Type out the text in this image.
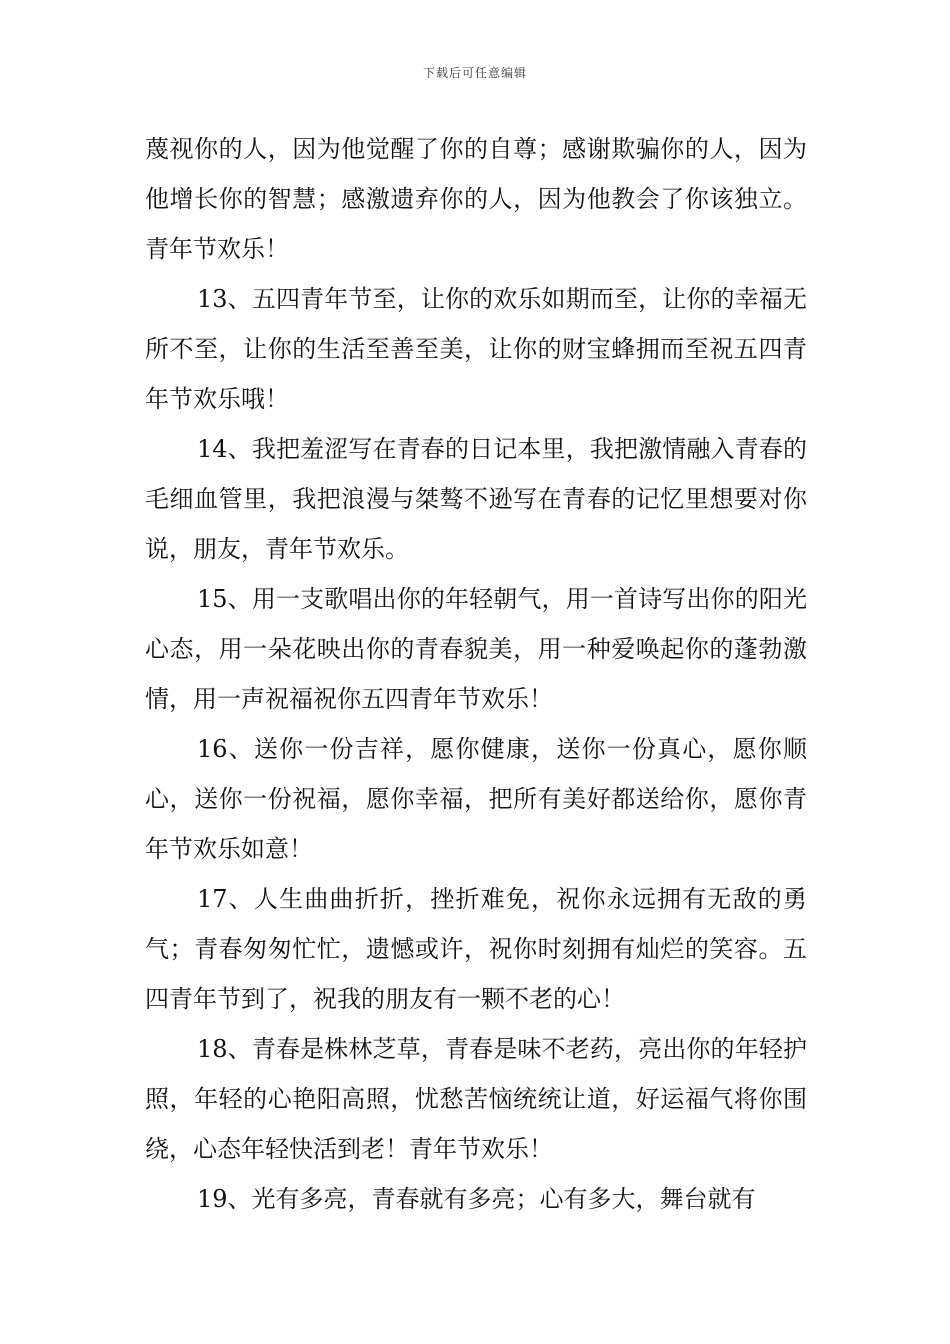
下载后可任意编辑

蔑视你的人，因为他觉醒了你的自尊；感谢欺骗你的人，因为他增长你的智慧；感激遗弃你的人，因为他教会了你该独立。青年节欢乐！

13、五四青年节至，让你的欢乐如期而至，让你的幸福无所不至，让你的生活至善至美，让你的财宝蜂拥而至祝五四青年节欢乐哦！

14、我把羞涩写在青春的日记本里，我把激情融入青春的毛细血管里，我把浪漫与桀骜不逊写在青春的记忆里想要对你说，朋友，青年节欢乐。

15、用一支歌唱出你的年轻朝气，用一首诗写出你的阳光心态，用一朵花映出你的青春貌美，用一种爱唤起你的蓬勃激情，用一声祝福祝你五四青年节欢乐！

16、送你一份吉祥，愿你健康，送你一份真心，愿你顺心，送你一份祝福，愿你幸福，把所有美好都送给你，愿你青年节欢乐如意！

17、人生曲曲折折，挫折难免，祝你永远拥有无敌的勇气；青春匆匆忙忙，遗憾或许，祝你时刻拥有灿烂的笑容。五四青年节到了，祝我的朋友有一颗不老的心！

18、青春是株林芝草，青春是味不老药，亮出你的年轻护照，年轻的心艳阳高照，忧愁苦恼统统让道，好运福气将你围绕，心态年轻快活到老！青年节欢乐！

19、光有多亮，青春就有多亮；心有多大，舞台就有
